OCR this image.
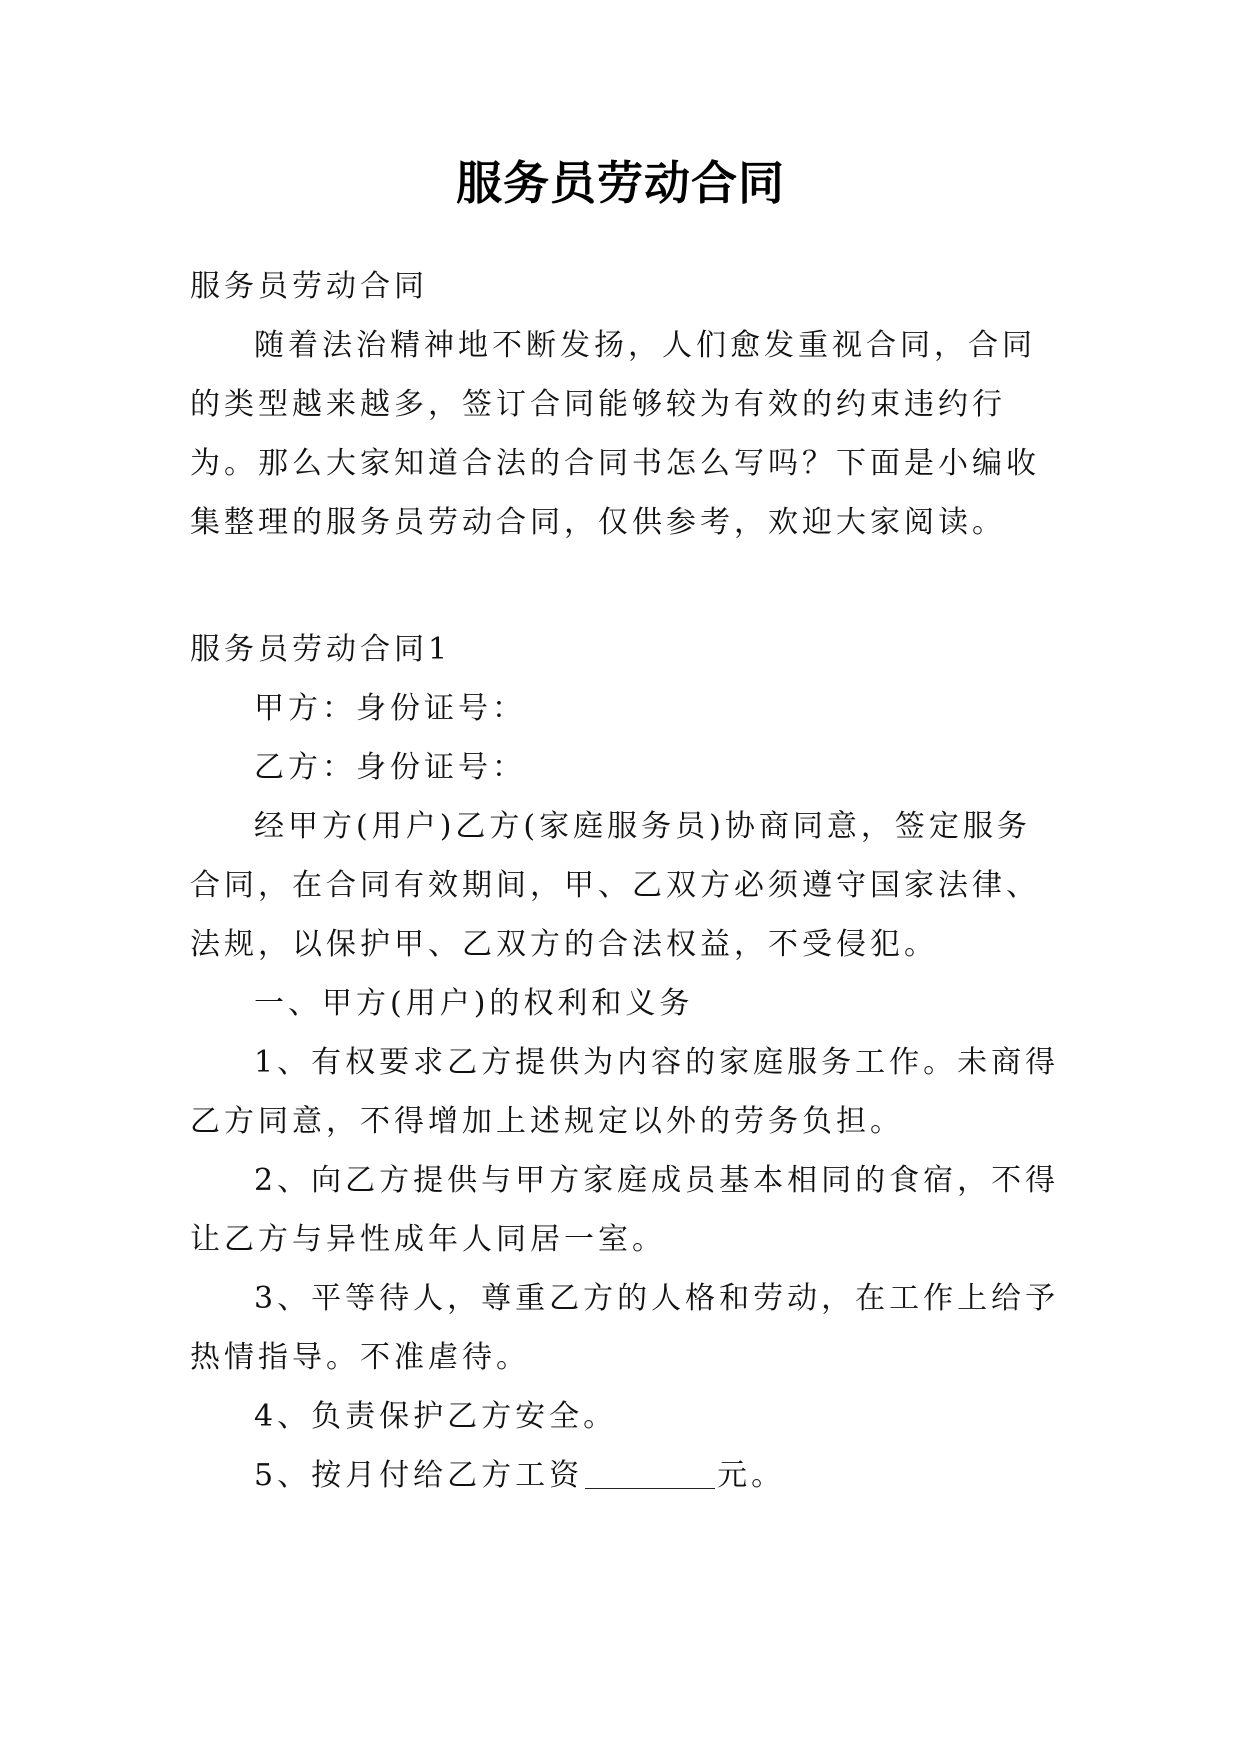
服务员劳动合同

服务员劳动合同

随着法治精神地不断发扬，人们愈发重视合同，合同的类型越来越多，签订合同能够较为有效的约束违约行为。那么大家知道合法的合同书怎么写吗？下面是小编收集整理的服务员劳动合同，仅供参考，欢迎大家阅读。

服务员劳动合同1

甲方：身份证号：

乙方：身份证号：

经甲方(用户)乙方(家庭服务员)协商同意，签定服务合同，在合同有效期间，甲、乙双方必须遵守国家法律、法规，以保护甲、乙双方的合法权益，不受侵犯。

一、甲方(用户)的权利和义务

1、有权要求乙方提供为内容的家庭服务工作。未商得乙方同意，不得增加上述规定以外的劳务负担。

2、向乙方提供与甲方家庭成员基本相同的食宿，不得让乙方与异性成年人同居一室。

3、平等待人，尊重乙方的人格和劳动，在工作上给予热情指导。不准虐待。

4、负责保护乙方安全。

5、按月付给乙方工资	元。
